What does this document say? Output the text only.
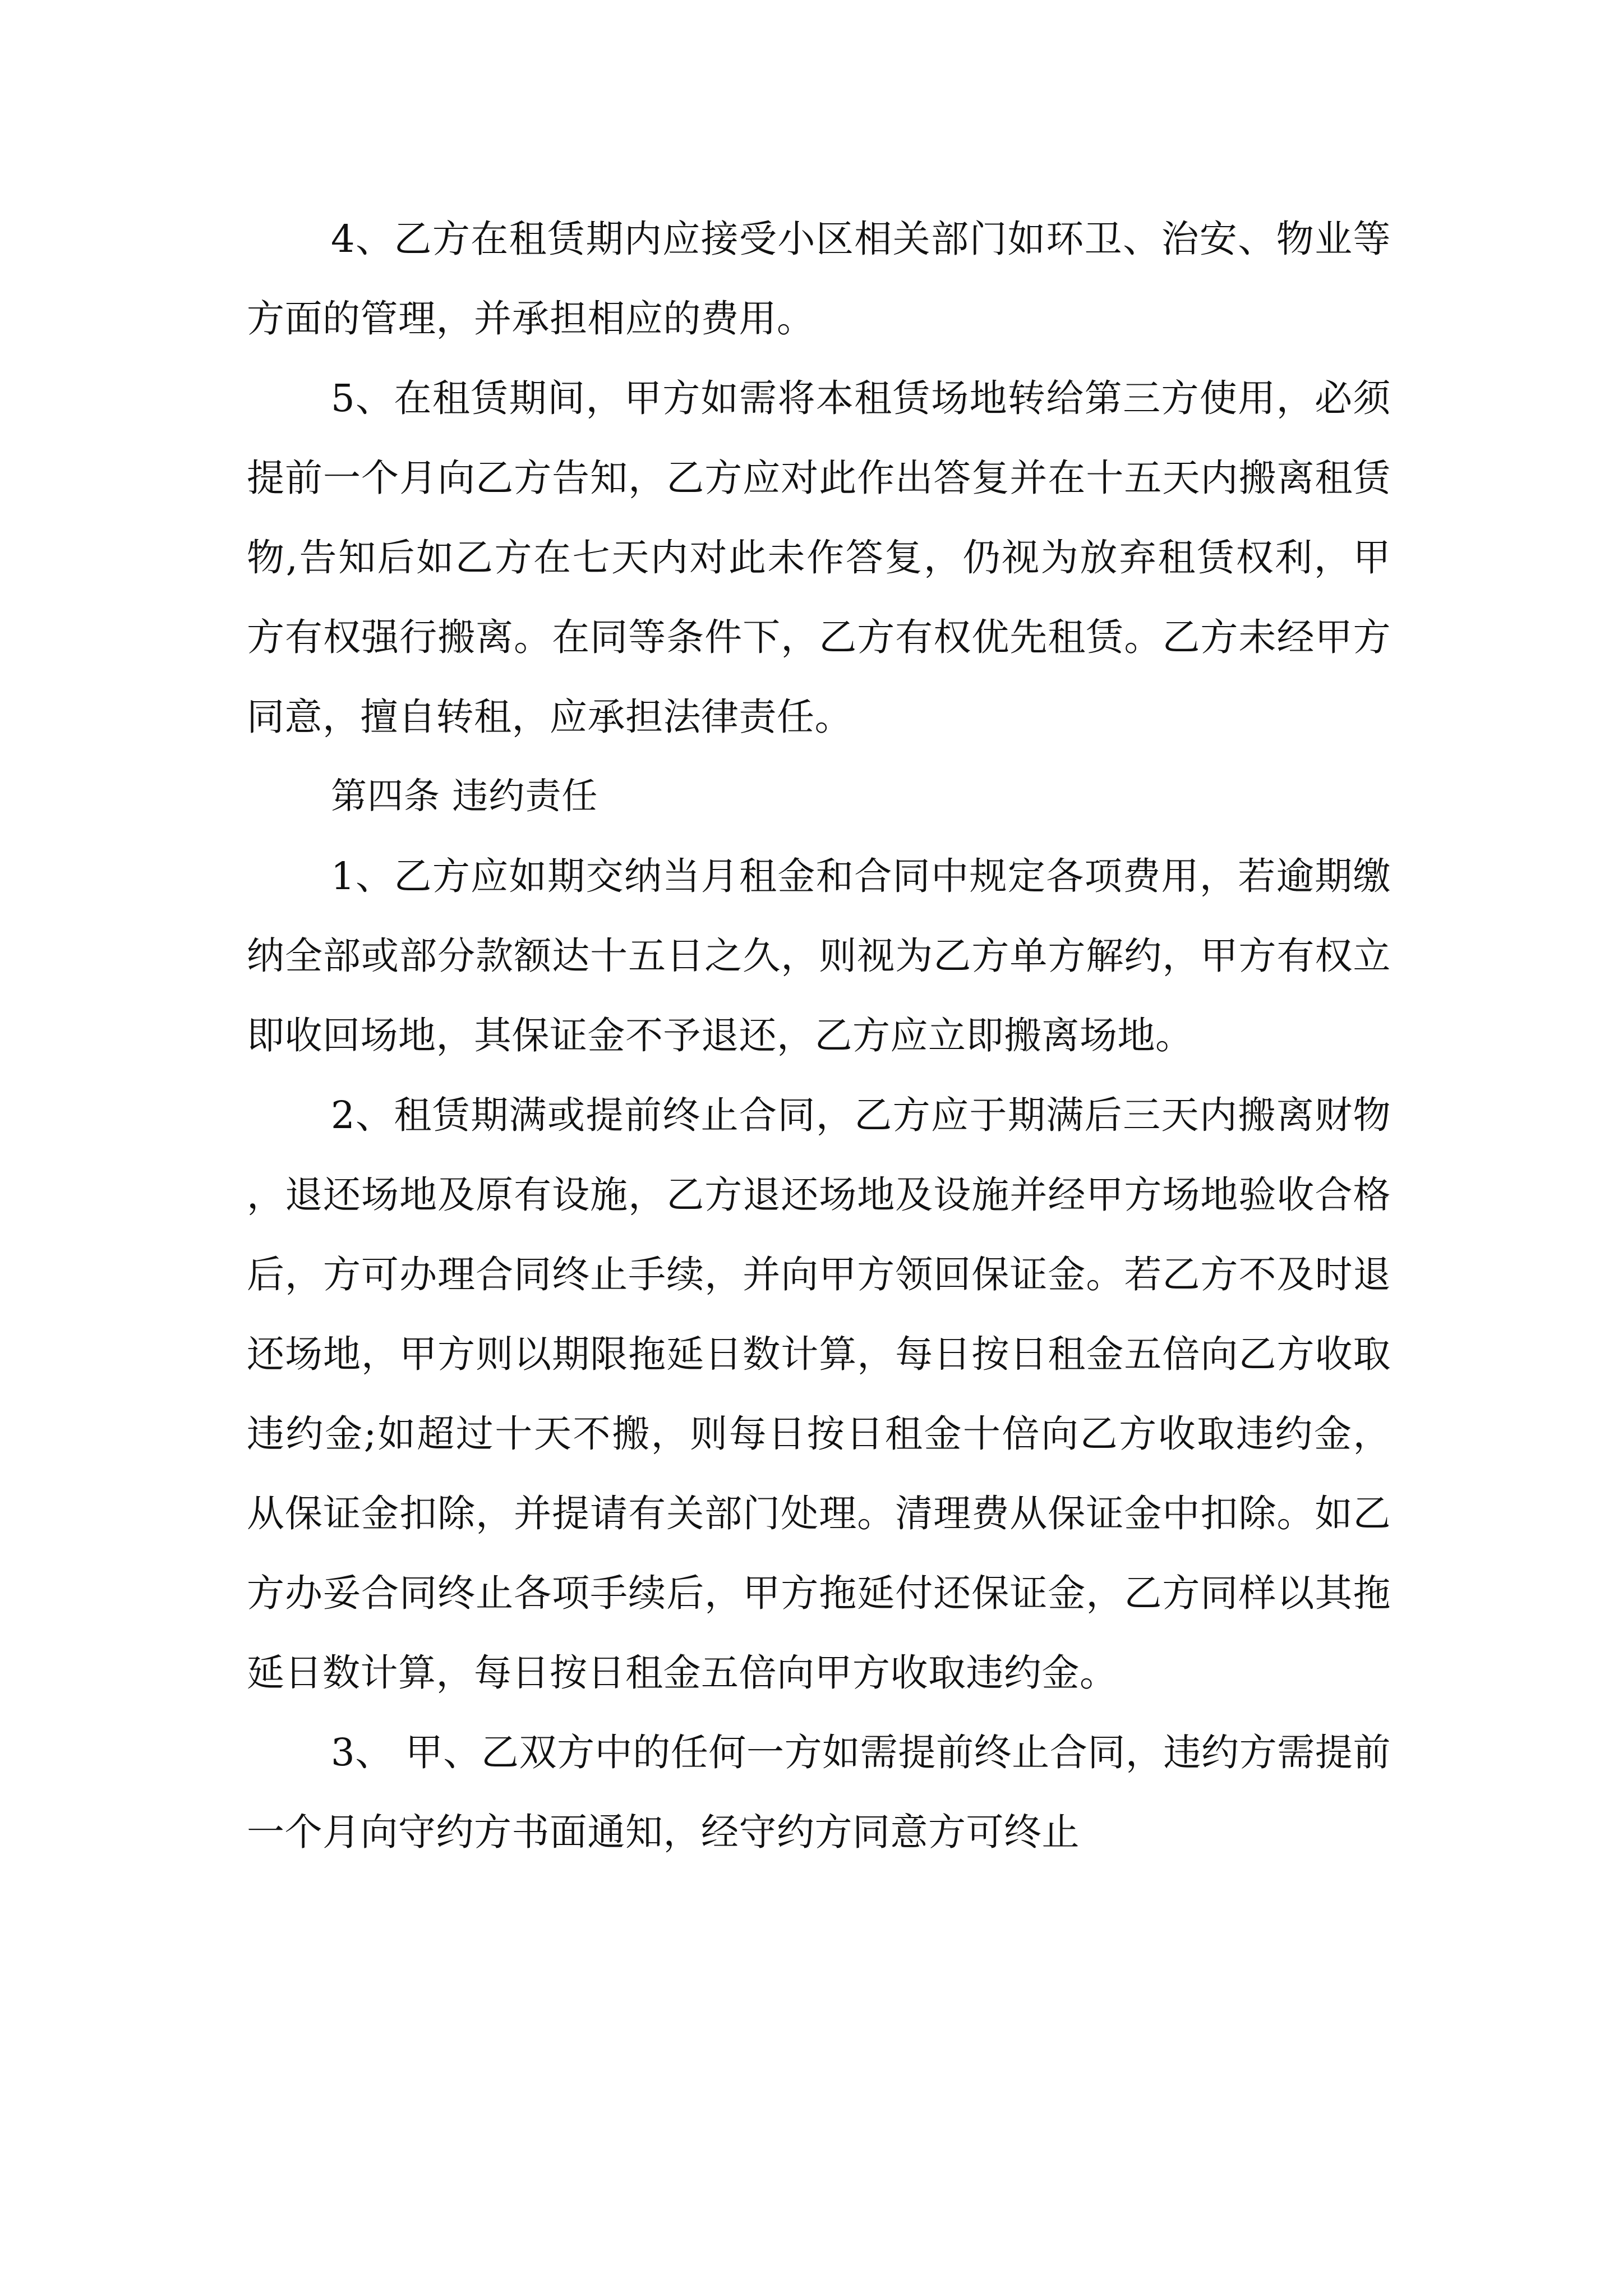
4、乙方在租赁期内应接受小区相关部门如环卫、治安、物业等方面的管理，并承担相应的费用。

5、在租赁期间，甲方如需将本租赁场地转给第三方使用，必须提前一个月向乙方告知，乙方应对此作出答复并在十五天内搬离租赁物,告知后如乙方在七天内对此未作答复，仍视为放弃租赁权利，甲方有权强行搬离。在同等条件下，乙方有权优先租赁。乙方未经甲方同意，擅自转租，应承担法律责任。

第四条 违约责任

1、乙方应如期交纳当月租金和合同中规定各项费用，若逾期缴纳全部或部分款额达十五日之久，则视为乙方单方解约，甲方有权立即收回场地，其保证金不予退还，乙方应立即搬离场地。

2、租赁期满或提前终止合同，乙方应于期满后三天内搬离财物，退还场地及原有设施，乙方退还场地及设施并经甲方场地验收合格后，方可办理合同终止手续，并向甲方领回保证金。若乙方不及时退还场地，甲方则以期限拖延日数计算，每日按日租金五倍向乙方收取违约金;如超过十天不搬，则每日按日租金十倍向乙方收取违约金，从保证金扣除，并提请有关部门处理。清理费从保证金中扣除。如乙方办妥合同终止各项手续后，甲方拖延付还保证金，乙方同样以其拖延日数计算，每日按日租金五倍向甲方收取违约金。

3、 甲、乙双方中的任何一方如需提前终止合同，违约方需提前一个月向守约方书面通知，经守约方同意方可终止
